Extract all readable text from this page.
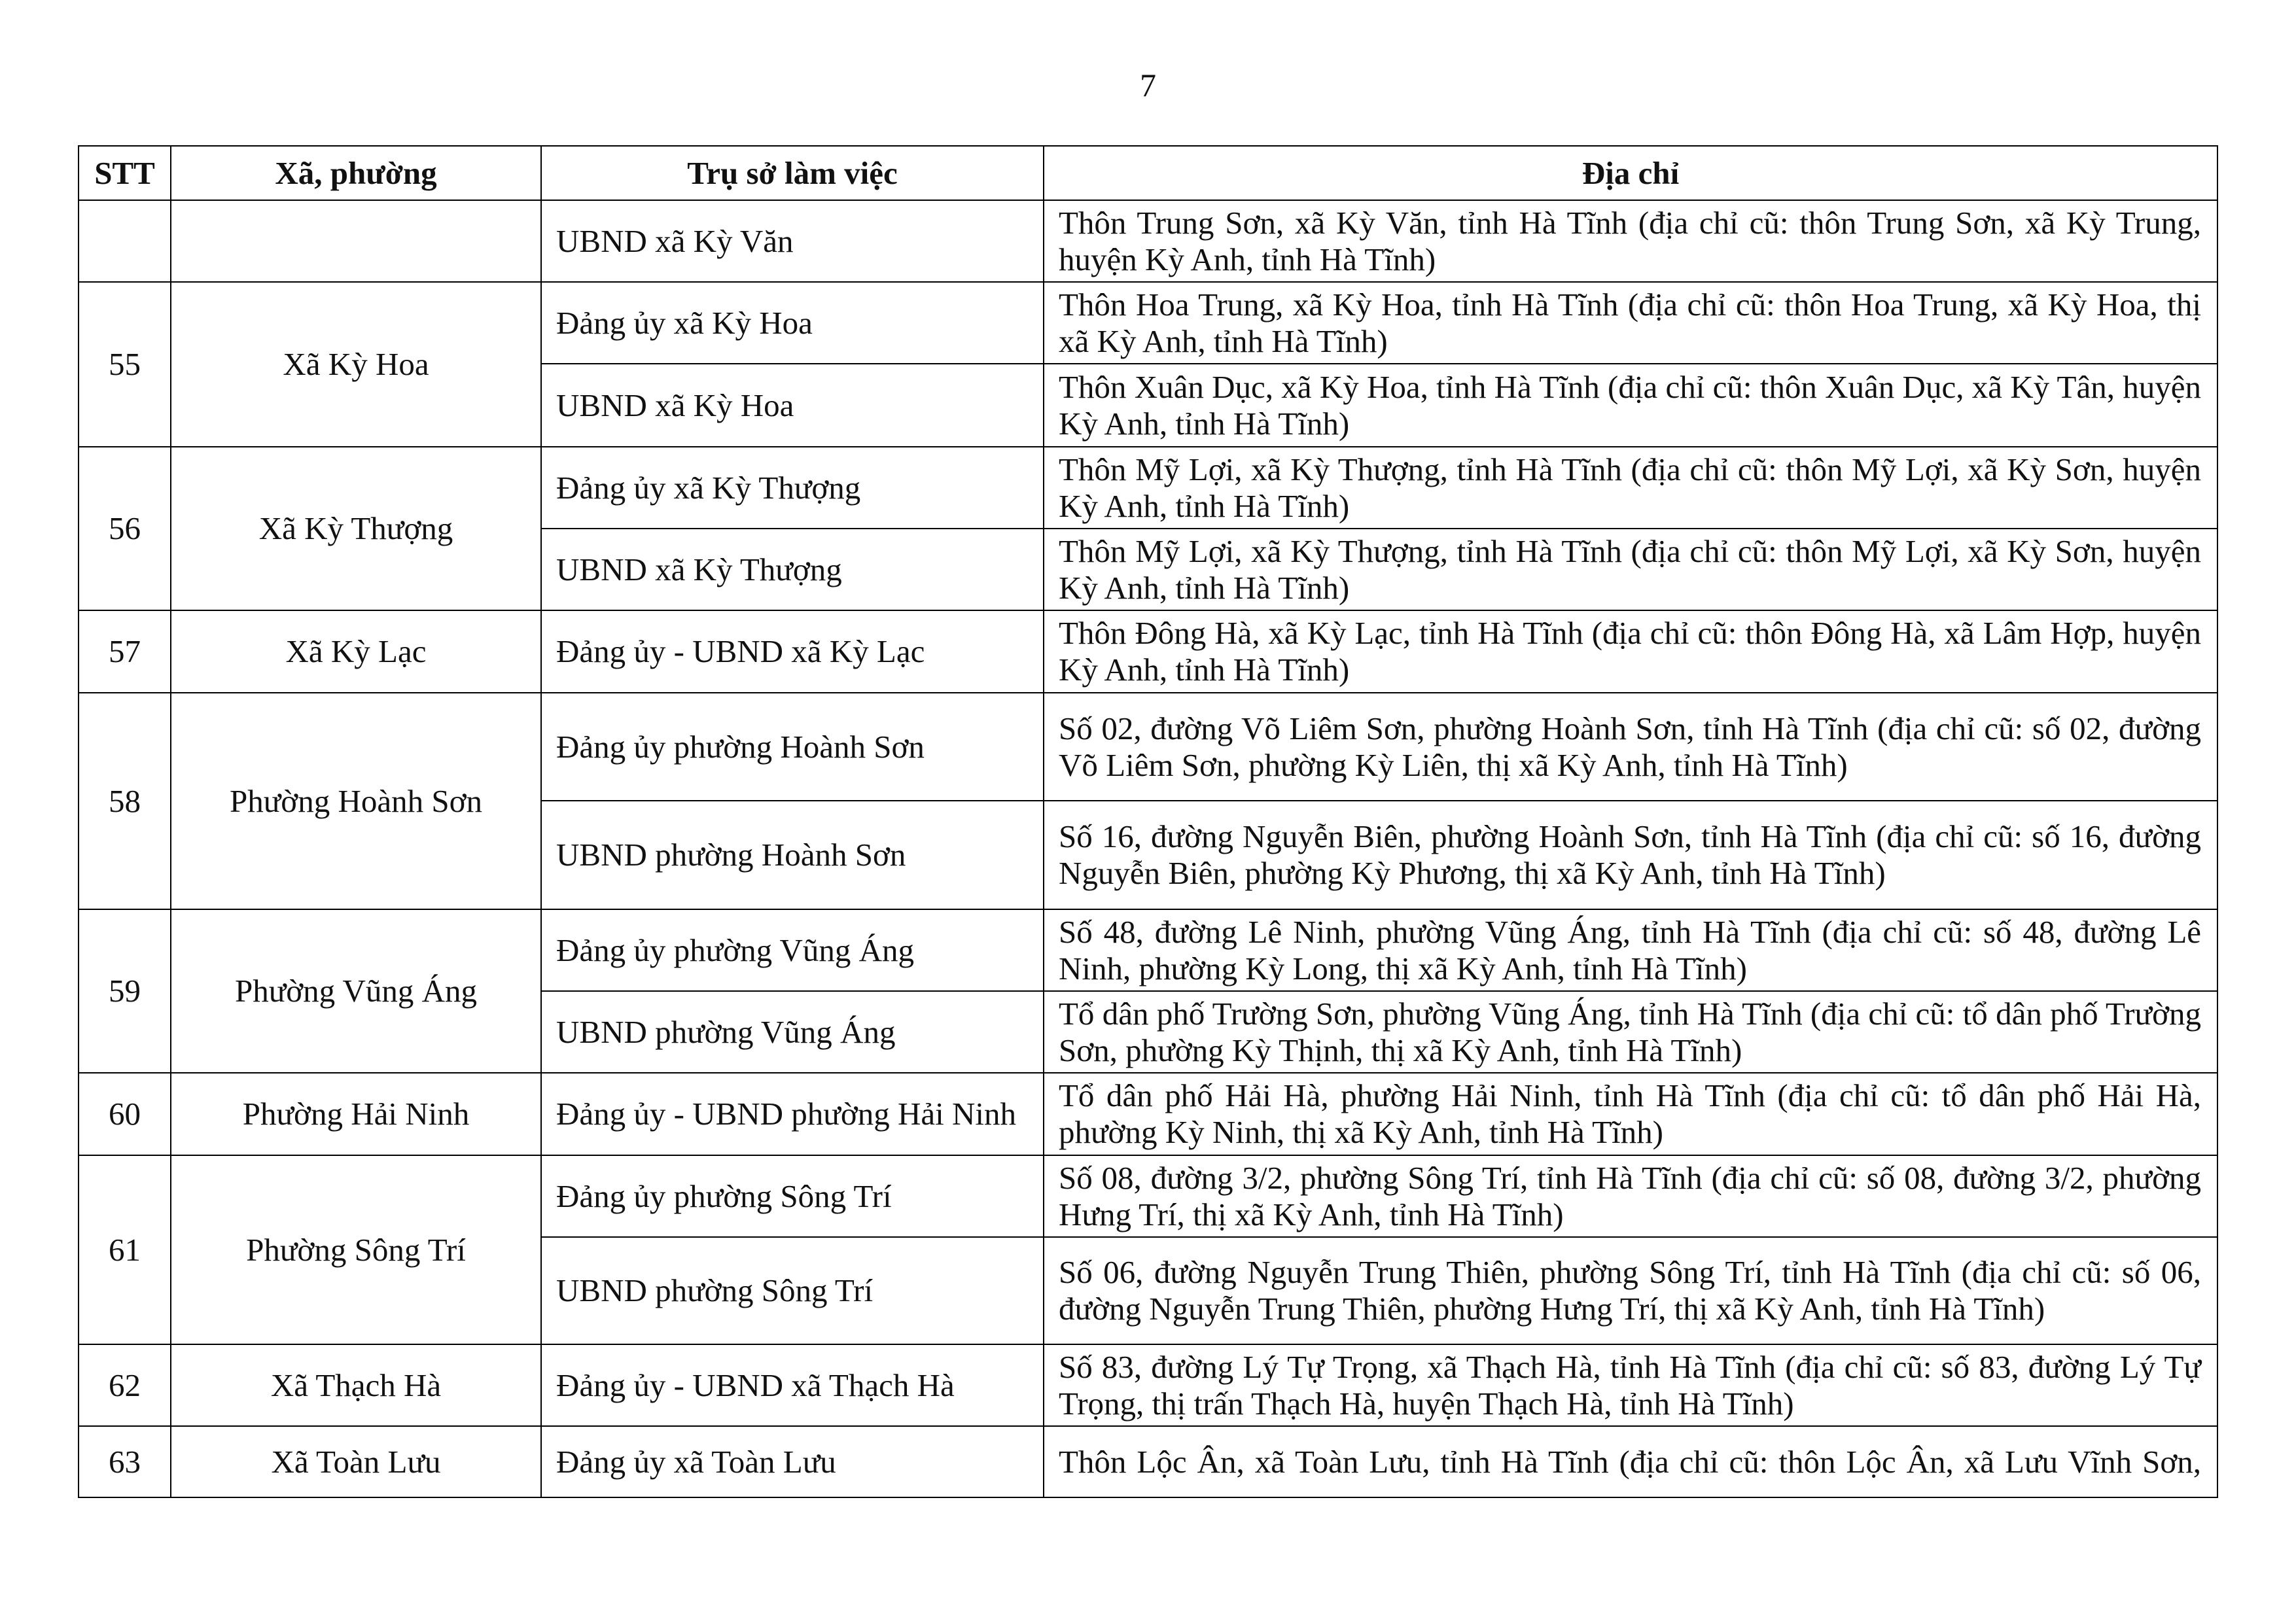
7
STT	Xã, phường	Trụ sở làm việc	Địa chỉ
		UBND xã Kỳ Văn	Thôn Trung Sơn, xã Kỳ Văn, tỉnh Hà Tĩnh (địa chỉ cũ: thôn Trung Sơn, xã Kỳ Trung, huyện Kỳ Anh, tỉnh Hà Tĩnh)
55	Xã Kỳ Hoa	Đảng ủy xã Kỳ Hoa	Thôn Hoa Trung, xã Kỳ Hoa, tỉnh Hà Tĩnh (địa chỉ cũ: thôn Hoa Trung, xã Kỳ Hoa, thị xã Kỳ Anh, tỉnh Hà Tĩnh)
		UBND xã Kỳ Hoa	Thôn Xuân Dục, xã Kỳ Hoa, tỉnh Hà Tĩnh (địa chỉ cũ: thôn Xuân Dục, xã Kỳ Tân, huyện Kỳ Anh, tỉnh Hà Tĩnh)
56	Xã Kỳ Thượng	Đảng ủy xã Kỳ Thượng	Thôn Mỹ Lợi, xã Kỳ Thượng, tỉnh Hà Tĩnh (địa chỉ cũ: thôn Mỹ Lợi, xã Kỳ Sơn, huyện Kỳ Anh, tỉnh Hà Tĩnh)
		UBND xã Kỳ Thượng	Thôn Mỹ Lợi, xã Kỳ Thượng, tỉnh Hà Tĩnh (địa chỉ cũ: thôn Mỹ Lợi, xã Kỳ Sơn, huyện Kỳ Anh, tỉnh Hà Tĩnh)
57	Xã Kỳ Lạc	Đảng ủy - UBND xã Kỳ Lạc	Thôn Đông Hà, xã Kỳ Lạc, tỉnh Hà Tĩnh (địa chỉ cũ: thôn Đông Hà, xã Lâm Hợp, huyện Kỳ Anh, tỉnh Hà Tĩnh)
58	Phường Hoành Sơn	Đảng ủy phường Hoành Sơn	Số 02, đường Võ Liêm Sơn, phường Hoành Sơn, tỉnh Hà Tĩnh (địa chỉ cũ: số 02, đường Võ Liêm Sơn, phường Kỳ Liên, thị xã Kỳ Anh, tỉnh Hà Tĩnh)
		UBND phường Hoành Sơn	Số 16, đường Nguyễn Biên, phường Hoành Sơn, tỉnh Hà Tĩnh (địa chỉ cũ: số 16, đường Nguyễn Biên, phường Kỳ Phương, thị xã Kỳ Anh, tỉnh Hà Tĩnh)
59	Phường Vũng Áng	Đảng ủy phường Vũng Áng	Số 48, đường Lê Ninh, phường Vũng Áng, tỉnh Hà Tĩnh (địa chỉ cũ: số 48, đường Lê Ninh, phường Kỳ Long, thị xã Kỳ Anh, tỉnh Hà Tĩnh)
		UBND phường Vũng Áng	Tổ dân phố Trường Sơn, phường Vũng Áng, tỉnh Hà Tĩnh (địa chỉ cũ: tổ dân phố Trường Sơn, phường Kỳ Thịnh, thị xã Kỳ Anh, tỉnh Hà Tĩnh)
60	Phường Hải Ninh	Đảng ủy - UBND phường Hải Ninh	Tổ dân phố Hải Hà, phường Hải Ninh, tỉnh Hà Tĩnh (địa chỉ cũ: tổ dân phố Hải Hà, phường Kỳ Ninh, thị xã Kỳ Anh, tỉnh Hà Tĩnh)
61	Phường Sông Trí	Đảng ủy phường Sông Trí	Số 08, đường 3/2, phường Sông Trí, tỉnh Hà Tĩnh (địa chỉ cũ: số 08, đường 3/2, phường Hưng Trí, thị xã Kỳ Anh, tỉnh Hà Tĩnh)
		UBND phường Sông Trí	Số 06, đường Nguyễn Trung Thiên, phường Sông Trí, tỉnh Hà Tĩnh (địa chỉ cũ: số 06, đường Nguyễn Trung Thiên, phường Hưng Trí, thị xã Kỳ Anh, tỉnh Hà Tĩnh)
62	Xã Thạch Hà	Đảng ủy - UBND xã Thạch Hà	Số 83, đường Lý Tự Trọng, xã Thạch Hà, tỉnh Hà Tĩnh (địa chỉ cũ: số 83, đường Lý Tự Trọng, thị trấn Thạch Hà, huyện Thạch Hà, tỉnh Hà Tĩnh)
63	Xã Toàn Lưu	Đảng ủy xã Toàn Lưu	Thôn Lộc Ân, xã Toàn Lưu, tỉnh Hà Tĩnh (địa chỉ cũ: thôn Lộc Ân, xã Lưu Vĩnh Sơn,
